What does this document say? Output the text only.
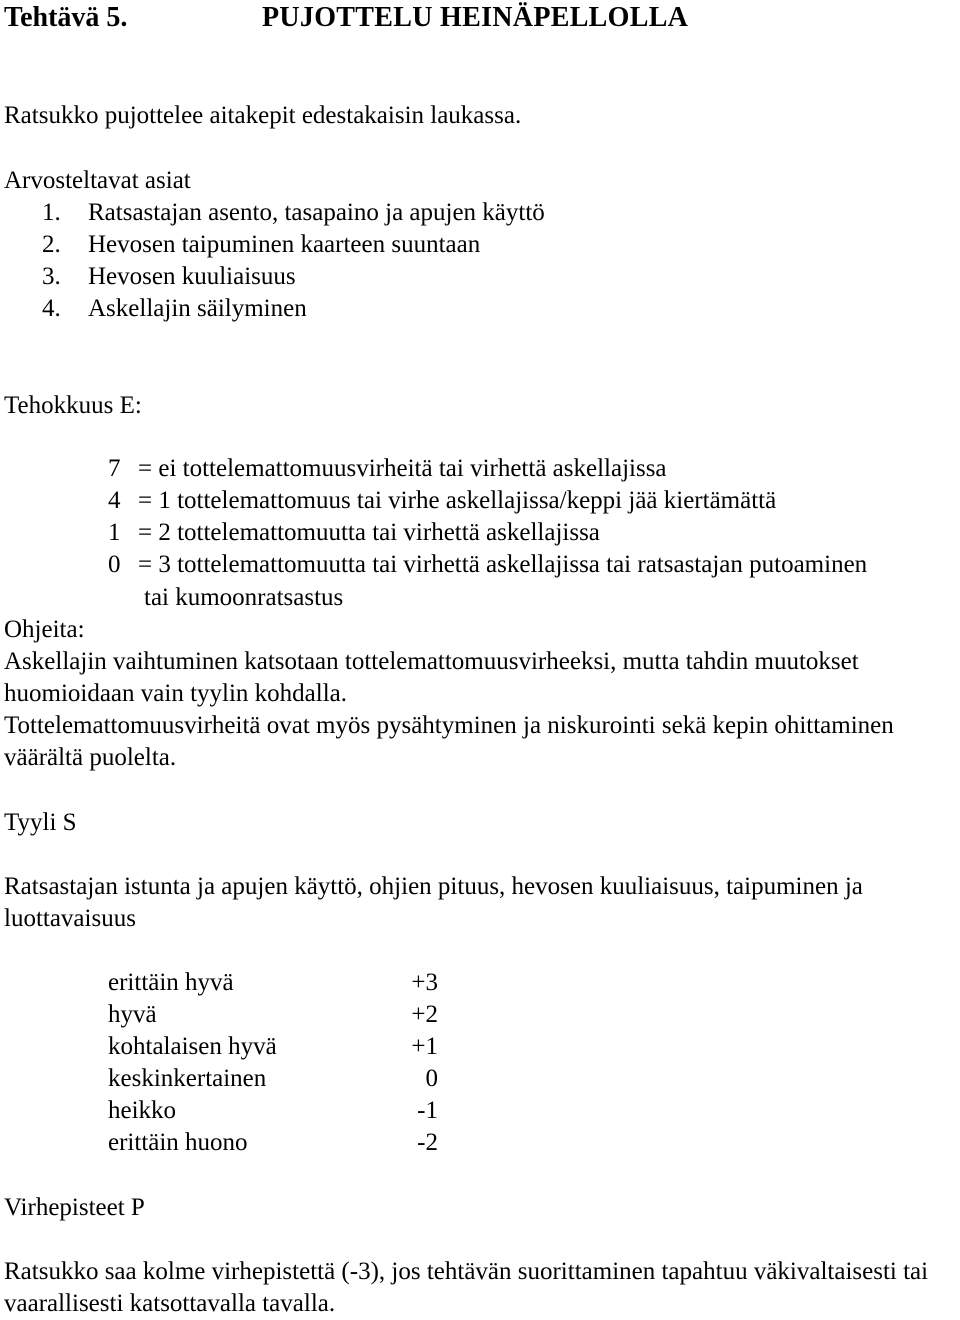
Tehtävä 5.	PUJOTTELU HEINÄPELLOLLA
Ratsukko pujottelee aitakepit edestakaisin laukassa.
Arvosteltavat asiat
1. Ratsastajan asento, tasapaino ja apujen käyttö
2. Hevosen taipuminen kaarteen suuntaan
3. Hevosen kuuliaisuus
4. Askellajin säilyminen
Tehokkuus E:
7 = ei tottelemattomuusvirheitä tai virhettä askellajissa
4 = 1 tottelemattomuus tai virhe askellajissa/keppi jää kiertämättä
1 = 2 tottelemattomuutta tai virhettä askellajissa
0 = 3 tottelemattomuutta tai virhettä askellajissa tai ratsastajan putoaminen
tai kumoonratsastus
Ohjeita:
Askellajin vaihtuminen katsotaan tottelemattomuusvirheeksi, mutta tahdin muutokset huomioidaan vain tyylin kohdalla.
Tottelemattomuusvirheitä ovat myös pysähtyminen ja niskurointi sekä kepin ohittaminen väärältä puolelta.
Tyyli S
Ratsastajan istunta ja apujen käyttö, ohjien pituus, hevosen kuuliaisuus, taipuminen ja luottavaisuus
erittäin hyvä	+3
hyvä	+2
kohtalaisen hyvä	+1
keskinkertainen	0
heikko	-1
erittäin huono	-2
Virhepisteet P
Ratsukko saa kolme virhepistettä (-3), jos tehtävän suorittaminen tapahtuu väkivaltaisesti tai vaarallisesti katsottavalla tavalla.
